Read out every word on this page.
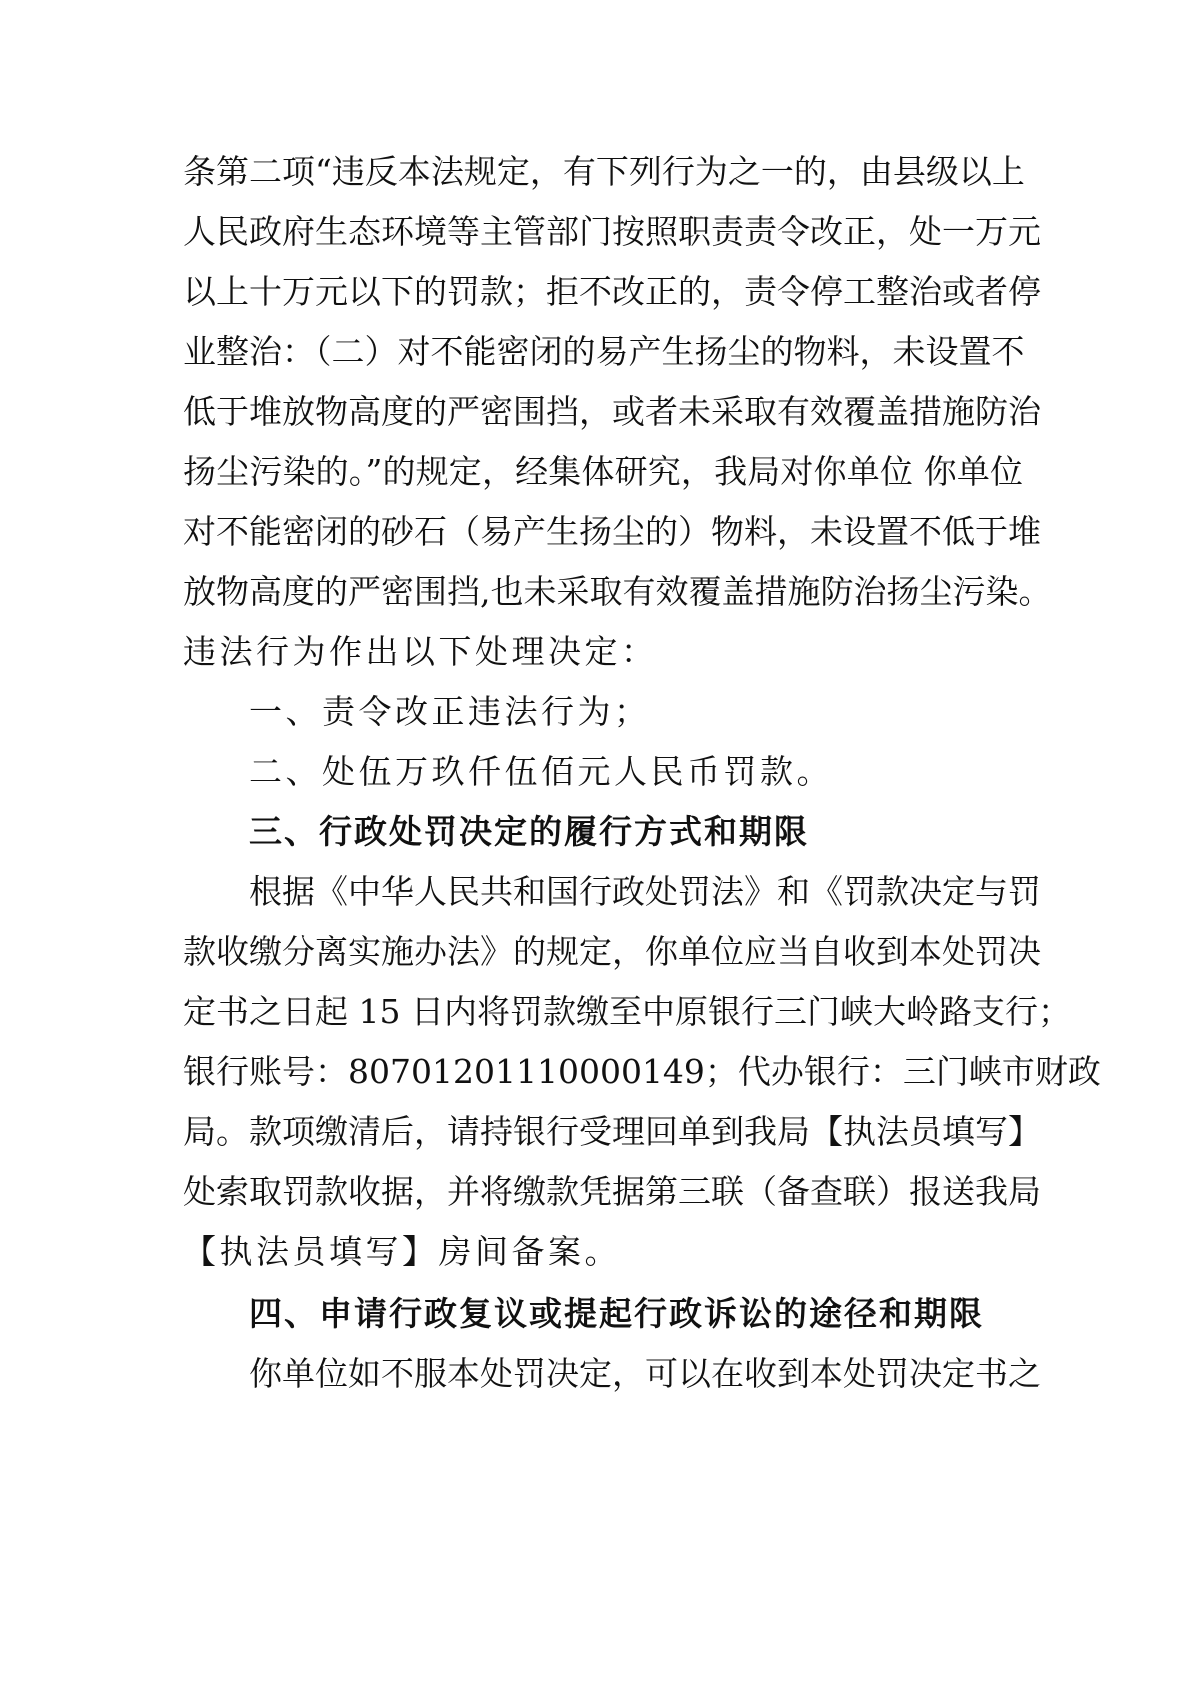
条第二项“违反本法规定，有下列行为之一的，由县级以上
人民政府生态环境等主管部门按照职责责令改正，处一万元
以上十万元以下的罚款；拒不改正的，责令停工整治或者停
业整治：（二）对不能密闭的易产生扬尘的物料，未设置不
低于堆放物高度的严密围挡，或者未采取有效覆盖措施防治
扬尘污染的。”的规定，经集体研究，我局对你单位 你单位
对不能密闭的砂石（易产生扬尘的）物料，未设置不低于堆
放物高度的严密围挡,也未采取有效覆盖措施防治扬尘污染。
违法行为作出以下处理决定：
一、责令改正违法行为；
二、处伍万玖仟伍佰元人民币罚款。
三、行政处罚决定的履行方式和期限
根据《中华人民共和国行政处罚法》和《罚款决定与罚
款收缴分离实施办法》的规定，你单位应当自收到本处罚决
定书之日起 15 日内将罚款缴至中原银行三门峡大岭路支行；
银行账号：80701201110000149；代办银行：三门峡市财政
局。款项缴清后，请持银行受理回单到我局【执法员填写】
处索取罚款收据，并将缴款凭据第三联（备查联）报送我局
【执法员填写】房间备案。
四、申请行政复议或提起行政诉讼的途径和期限
你单位如不服本处罚决定，可以在收到本处罚决定书之
